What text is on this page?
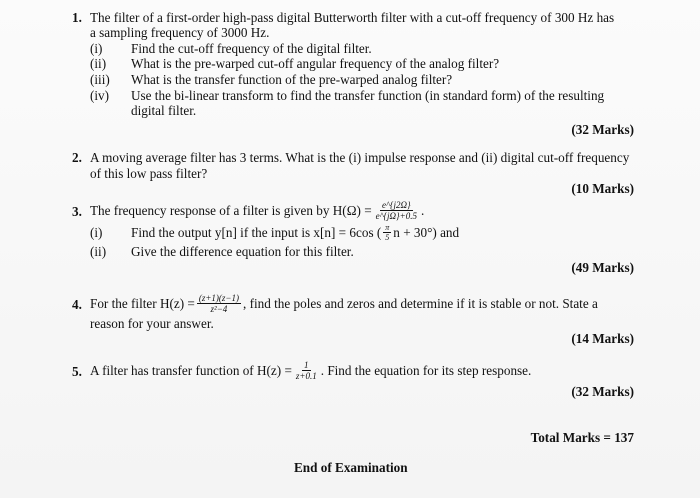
1. The filter of a first-order high-pass digital Butterworth filter with a cut-off frequency of 300 Hz has
a sampling frequency of 3000 Hz.
(i) Find the cut-off frequency of the digital filter.
(ii) What is the pre-warped cut-off angular frequency of the analog filter?
(iii) What is the transfer function of the pre-warped analog filter?
(iv) Use the bi-linear transform to find the transfer function (in standard form) of the resulting
digital filter.
(32 Marks)
2. A moving average filter has 3 terms. What is the (i) impulse response and (ii) digital cut-off frequency
of this low pass filter?
(10 Marks)
3. The frequency response of a filter is given by $H(\Omega) = \frac{e\^{}\{j2\Omega\}}{e\^{}\{j\Omega\}+0.5}$ .
(i) Find the output y[n] if the input is x[n] = 6cos ( $\frac{\pi}{5}$ n + 30°) and
(ii) Give the difference equation for this filter.
(49 Marks)
4. For the filter $H(z) = \frac{(z+1)(z-1)}{\text{z²−4}}$ , find the poles and zeros and determine if it is stable or not. State a
reason for your answer.
(14 Marks)
5. A filter has transfer function of $H(z) = \frac{1}{z+0.1}$ . Find the equation for its step response.
(32 Marks)
Total Marks = 137
End of Examination
